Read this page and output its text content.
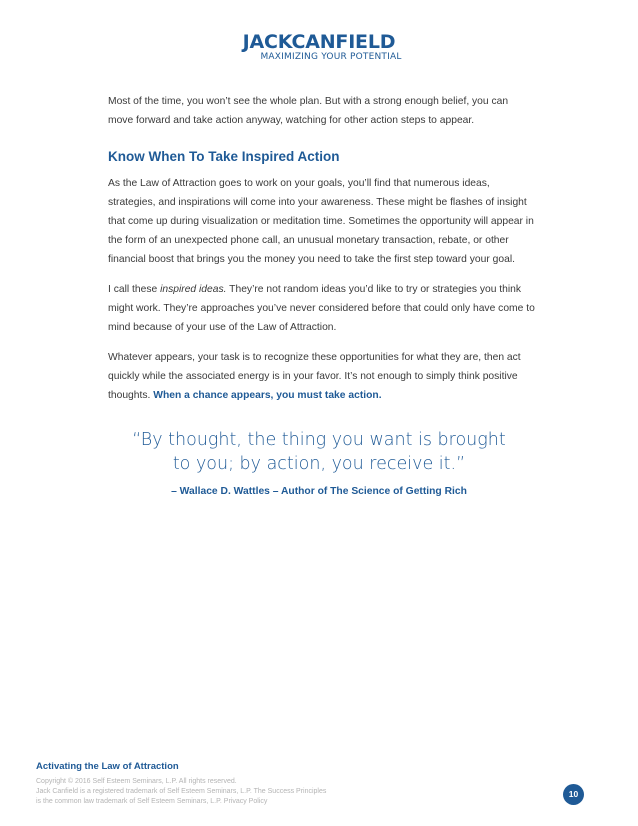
JACKCANFIELD
MAXIMIZING YOUR POTENTIAL

Most of the time, you won’t see the whole plan. But with a strong enough belief, you can move forward and take action anyway, watching for other action steps to appear.

Know When To Take Inspired Action

As the Law of Attraction goes to work on your goals, you’ll find that numerous ideas, strategies, and inspirations will come into your awareness. These might be flashes of insight that come up during visualization or meditation time. Sometimes the opportunity will appear in the form of an unexpected phone call, an unusual monetary transaction, rebate, or other financial boost that brings you the money you need to take the first step toward your goal.

I call these inspired ideas. They’re not random ideas you’d like to try or strategies you think might work. They’re approaches you’ve never considered before that could only have come to mind because of your use of the Law of Attraction.

Whatever appears, your task is to recognize these opportunities for what they are, then act quickly while the associated energy is in your favor. It’s not enough to simply think positive thoughts. When a chance appears, you must take action.

“By thought, the thing you want is brought
to you; by action, you receive it.”
– Wallace D. Wattles – Author of The Science of Getting Rich
Activating the Law of Attraction
Copyright © 2016 Self Esteem Seminars, L.P. All rights reserved.
Jack Canfield is a registered trademark of Self Esteem Seminars, L.P. The Success Principles
is the common law trademark of Self Esteem Seminars, L.P. Privacy Policy
10
